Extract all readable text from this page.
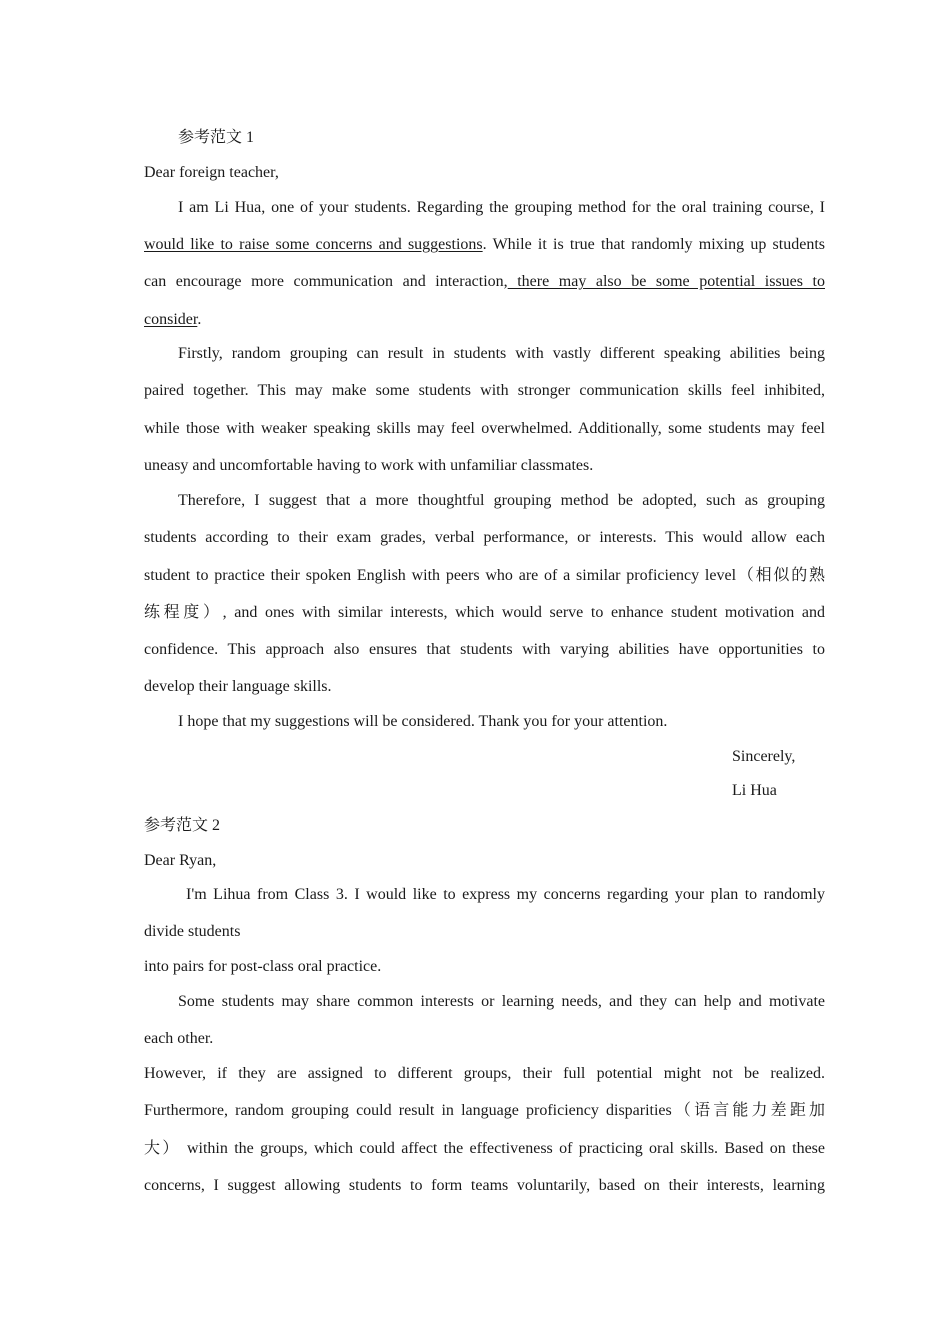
参考范文 1
Dear foreign teacher,
I am Li Hua, one of your students. Regarding the grouping method for the oral training course, I
would like to raise some concerns and suggestions. While it is true that randomly mixing up students
can encourage more communication and interaction, there may also be some potential issues to
consider.
Firstly, random grouping can result in students with vastly different speaking abilities being
paired together. This may make some students with stronger communication skills feel inhibited,
while those with weaker speaking skills may feel overwhelmed. Additionally, some students may feel
uneasy and uncomfortable having to work with unfamiliar classmates.
Therefore, I suggest that a more thoughtful grouping method be adopted, such as grouping
students according to their exam grades, verbal performance, or interests. This would allow each
student to practice their spoken English with peers who are of a similar proficiency level（相似的熟
练程度）, and ones with similar interests, which would serve to enhance student motivation and
confidence. This approach also ensures that students with varying abilities have opportunities to
develop their language skills.
I hope that my suggestions will be considered. Thank you for your attention.
Sincerely,
Li Hua
参考范文 2
Dear Ryan,
I'm Lihua from Class 3. I would like to express my concerns regarding your plan to randomly
divide students
into pairs for post-class oral practice.
Some students may share common interests or learning needs, and they can help and motivate
each other.
However, if they are assigned to different groups, their full potential might not be realized.
Furthermore, random grouping could result in language proficiency disparities（语言能力差距加
大） within the groups, which could affect the effectiveness of practicing oral skills. Based on these
concerns, I suggest allowing students to form teams voluntarily, based on their interests, learning
